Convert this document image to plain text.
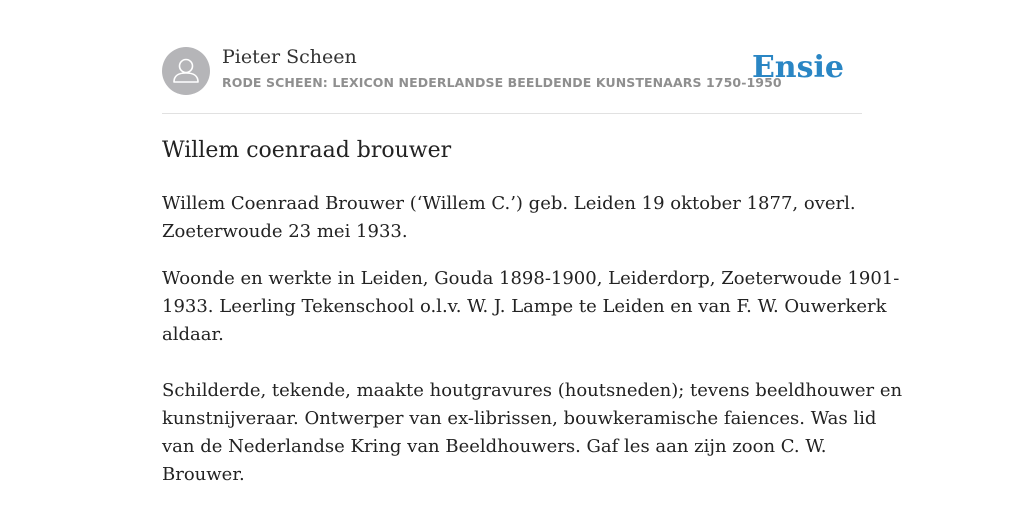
Pieter Scheen
RODE SCHEEN: LEXICON NEDERLANDSE BEELDENDE KUNSTENAARS 1750-1950
Ensie
Willem coenraad brouwer

Willem Coenraad Brouwer (‘Willem C.’) geb. Leiden 19 oktober 1877, overl.
Zoeterwoude 23 mei 1933.

Woonde en werkte in Leiden, Gouda 1898-1900, Leiderdorp, Zoeterwoude 1901-
1933. Leerling Tekenschool o.l.v. W. J. Lampe te Leiden en van F. W. Ouwerkerk
aldaar.

Schilderde, tekende, maakte houtgravures (houtsneden); tevens beeldhouwer en
kunstnijveraar. Ontwerper van ex-librissen, bouwkeramische faiences. Was lid
van de Nederlandse Kring van Beeldhouwers. Gaf les aan zijn zoon C. W.
Brouwer.
